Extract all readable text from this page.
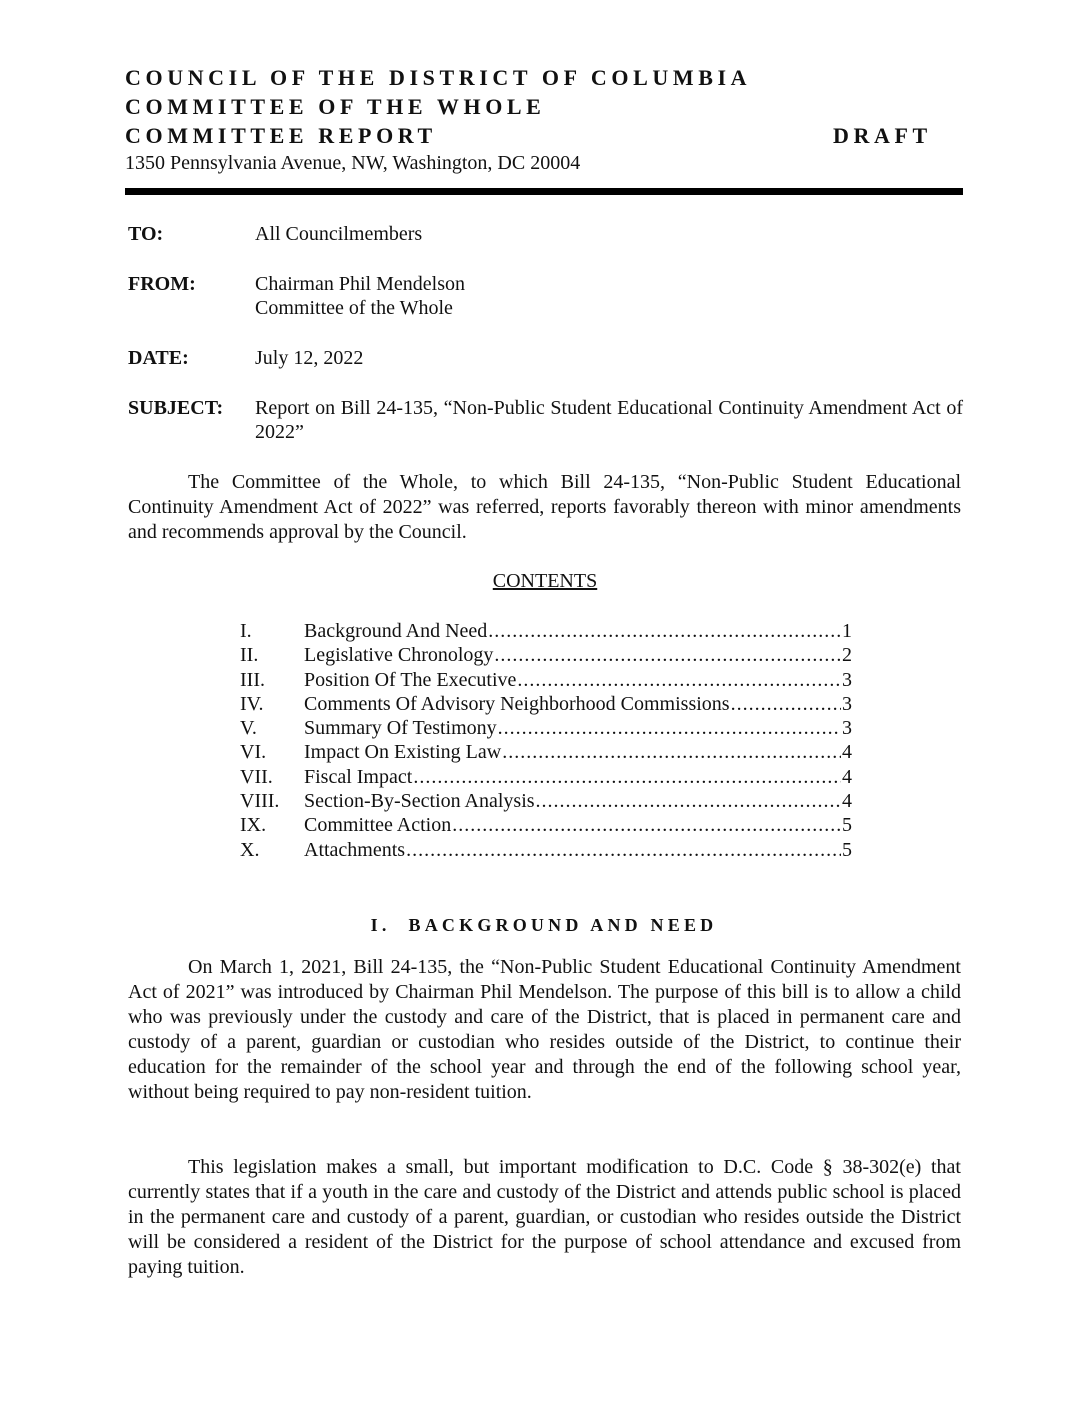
COUNCIL OF THE DISTRICT OF COLUMBIA
COMMITTEE OF THE WHOLE
COMMITTEE REPORT	DRAFT
1350 Pennsylvania Avenue, NW, Washington, DC 20004
TO:	All Councilmembers
FROM:	Chairman Phil Mendelson
Committee of the Whole
DATE:	July 12, 2022
SUBJECT: Report on Bill 24-135, “Non-Public Student Educational Continuity Amendment Act of 2022”

The Committee of the Whole, to which Bill 24-135, “Non-Public Student Educational Continuity Amendment Act of 2022” was referred, reports favorably thereon with minor amendments and recommends approval by the Council.

CONTENTS
I.	Background And Need .....	1
II. Legislative Chronology .....	2
III. Position Of The Executive .....	3
IV. Comments Of Advisory Neighborhood Commissions .....	3
V. Summary Of Testimony .....	3
VI. Impact On Existing Law .....	4
VII. Fiscal Impact .....	4
VIII. Section-By-Section Analysis .....	4
IX. Committee Action .....	5
X. Attachments .....	5
I. BACKGROUND AND NEED

On March 1, 2021, Bill 24-135, the “Non-Public Student Educational Continuity Amendment Act of 2021” was introduced by Chairman Phil Mendelson. The purpose of this bill is to allow a child who was previously under the custody and care of the District, that is placed in permanent care and custody of a parent, guardian or custodian who resides outside of the District, to continue their education for the remainder of the school year and through the end of the following school year, without being required to pay non-resident tuition.

This legislation makes a small, but important modification to D.C. Code § 38-302(e) that currently states that if a youth in the care and custody of the District and attends public school is placed in the permanent care and custody of a parent, guardian, or custodian who resides outside the District will be considered a resident of the District for the purpose of school attendance and excused from paying tuition.
